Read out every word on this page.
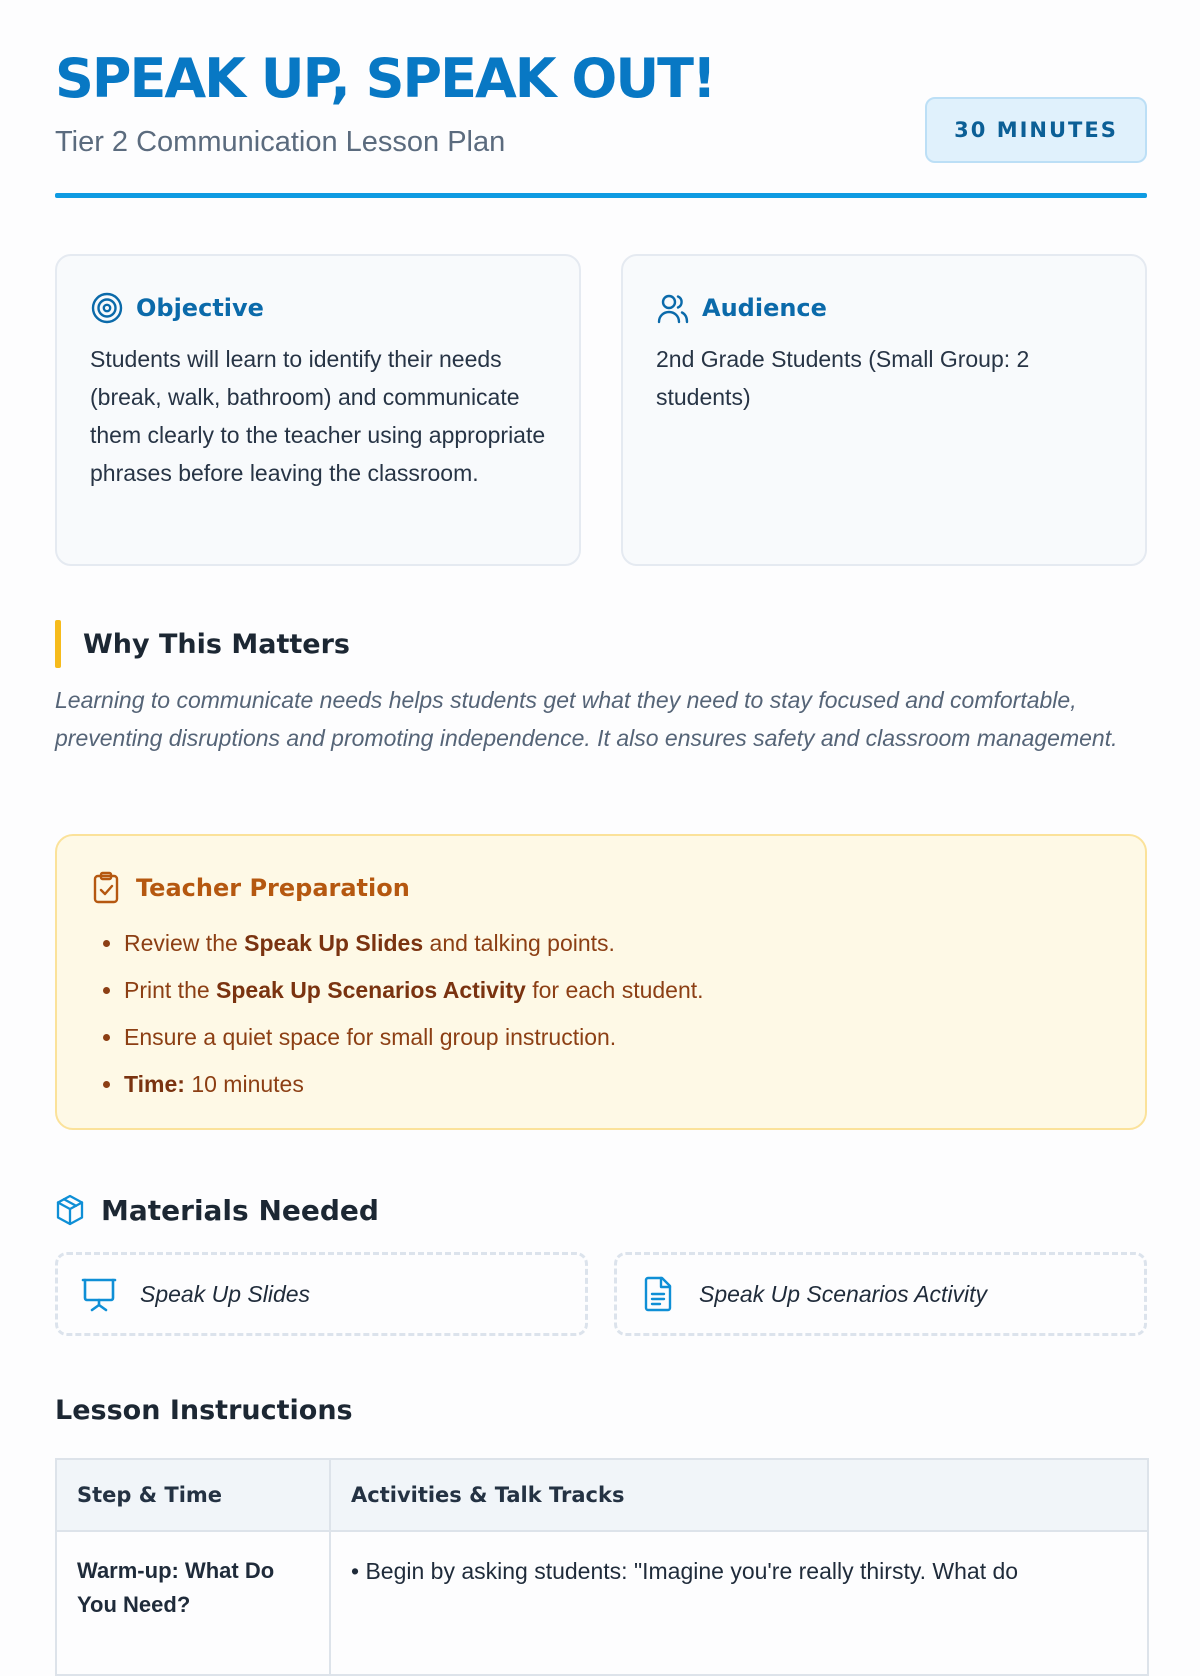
SPEAK UP, SPEAK OUT!
Tier 2 Communication Lesson Plan	30 MINUTES
Objective
Students will learn to identify their needs (break, walk, bathroom) and communicate them clearly to the teacher using appropriate phrases before leaving the classroom.
Audience
2nd Grade Students (Small Group: 2 students)
Why This Matters

Learning to communicate needs helps students get what they need to stay focused and comfortable, preventing disruptions and promoting independence. It also ensures safety and classroom management.

Teacher Preparation
• Review the Speak Up Slides and talking points.
• Print the Speak Up Scenarios Activity for each student.
• Ensure a quiet space for small group instruction.
• Time: 10 minutes
Materials Needed
Speak Up Slides	Speak Up Scenarios Activity
Lesson Instructions
Step & Time	Activities & Talk Tracks
Warm-up: What Do You Need?	• Begin by asking students: "Imagine you're really thirsty. What do
